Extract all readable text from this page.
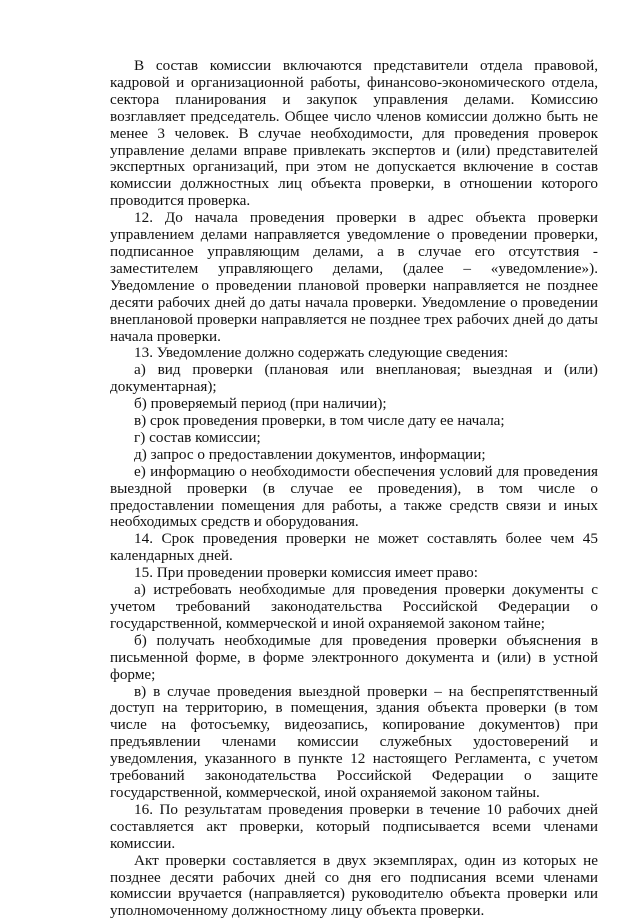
В состав комиссии включаются представители отдела правовой, кадровой и организационной работы, финансово-экономического отдела, сектора планирования и закупок управления делами. Комиссию возглавляет председатель. Общее число членов комиссии должно быть не менее 3 человек. В случае необходимости, для проведения проверок управление делами вправе привлекать экспертов и (или) представителей экспертных организаций, при этом не допускается включение в состав комиссии должностных лиц объекта проверки, в отношении которого проводится проверка.

12. До начала проведения проверки в адрес объекта проверки управлением делами направляется уведомление о проведении проверки, подписанное управляющим делами, а в случае его отсутствия - заместителем управляющего делами, (далее – «уведомление»). Уведомление о проведении плановой проверки направляется не позднее десяти рабочих дней до даты начала проверки. Уведомление о проведении внеплановой проверки направляется не позднее трех рабочих дней до даты начала проверки.

13. Уведомление должно содержать следующие сведения:

а) вид проверки (плановая или внеплановая; выездная и (или) документарная);

б) проверяемый период (при наличии);

в) срок проведения проверки, в том числе дату ее начала;

г) состав комиссии;

д) запрос о предоставлении документов, информации;

е) информацию о необходимости обеспечения условий для проведения выездной проверки (в случае ее проведения), в том числе о предоставлении помещения для работы, а также средств связи и иных необходимых средств и оборудования.

14. Срок проведения проверки не может составлять более чем 45 календарных дней.

15. При проведении проверки комиссия имеет право:

а) истребовать необходимые для проведения проверки документы с учетом требований законодательства Российской Федерации о государственной, коммерческой и иной охраняемой законом тайне;

б) получать необходимые для проведения проверки объяснения в письменной форме, в форме электронного документа и (или) в устной форме;

в) в случае проведения выездной проверки – на беспрепятственный доступ на территорию, в помещения, здания объекта проверки (в том числе на фотосъемку, видеозапись, копирование документов) при предъявлении членами комиссии служебных удостоверений и уведомления, указанного в пункте 12 настоящего Регламента, с учетом требований законодательства Российской Федерации о защите государственной, коммерческой, иной охраняемой законом тайны.

16. По результатам проведения проверки в течение 10 рабочих дней составляется акт проверки, который подписывается всеми членами комиссии.

Акт проверки составляется в двух экземплярах, один из которых не позднее десяти рабочих дней со дня его подписания всеми членами комиссии вручается (направляется) руководителю объекта проверки или уполномоченному должностному лицу объекта проверки.
